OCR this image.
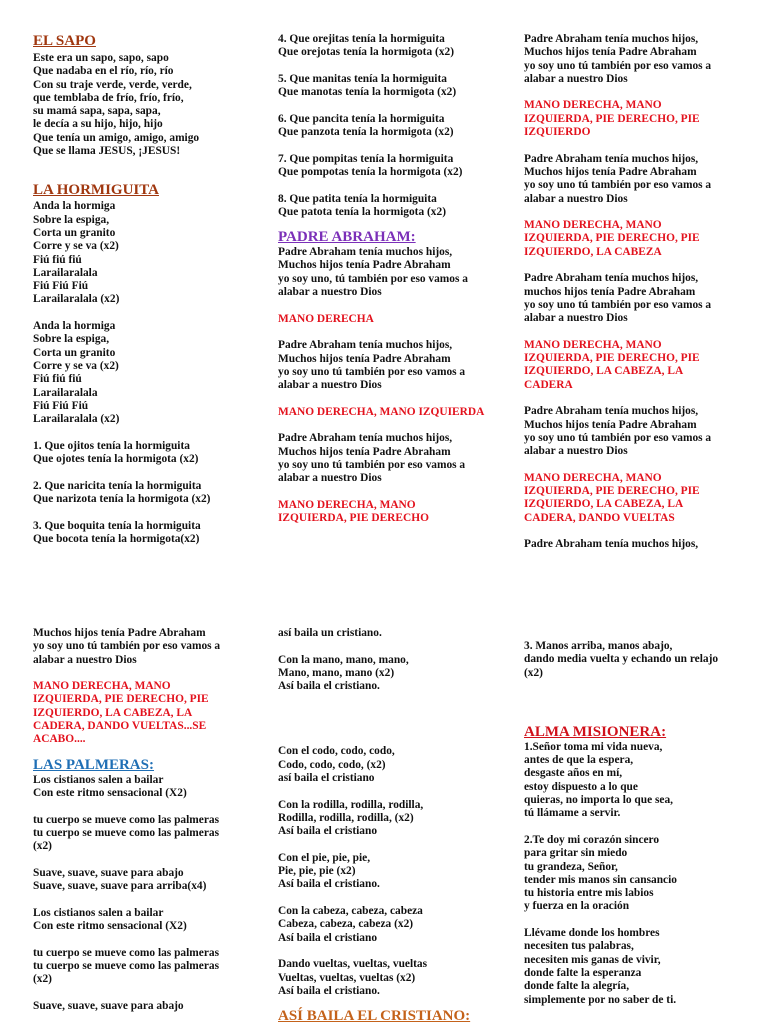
EL SAPO

Este era un sapo, sapo, sapo
Que nadaba en el río, río, río
Con su traje verde, verde, verde,
que temblaba de frío, frío, frío,
su mamá sapa, sapa, sapa,
le decía a su hijo, hijo, hijo
Que tenía un amigo, amigo, amigo
Que se llama JESUS, ¡JESUS!

LA HORMIGUITA

Anda la hormiga
Sobre la espiga,
Corta un granito
Corre y se va (x2)
Fiú fiú fiú
Larailaralala
Fiú Fiú Fiú
Larailaralala (x2)

Anda la hormiga
Sobre la espiga,
Corta un granito
Corre y se va (x2)
Fiú fiú fiú
Larailaralala
Fiú Fiú Fiú
Larailaralala (x2)

1. Que ojitos tenía la hormiguita
Que ojotes tenía la hormigota (x2)

2. Que naricita tenía la hormiguita
Que narizota tenía la hormigota (x2)

3. Que boquita tenía la hormiguita
Que bocota tenía la hormigota(x2)

4. Que orejitas tenía la hormiguita
Que orejotas tenía la hormigota (x2)

5. Que manitas tenía la hormiguita
Que manotas tenía la hormigota (x2)

6. Que pancita tenía la hormiguita
Que panzota tenía la hormigota (x2)

7. Que pompitas tenía la hormiguita
Que pompotas tenía la hormigota (x2)

8. Que patita tenía la hormiguita
Que patota tenía la hormigota (x2)

PADRE ABRAHAM:

Padre Abraham tenía muchos hijos,
Muchos hijos tenía Padre Abraham
yo soy uno, tú también por eso vamos a
alabar a nuestro Dios

MANO DERECHA

Padre Abraham tenía muchos hijos,
Muchos hijos tenía Padre Abraham
yo soy uno tú también por eso vamos a
alabar a nuestro Dios

MANO DERECHA, MANO IZQUIERDA

Padre Abraham tenía muchos hijos,
Muchos hijos tenía Padre Abraham
yo soy uno tú también por eso vamos a
alabar a nuestro Dios

MANO DERECHA, MANO
IZQUIERDA, PIE DERECHO

Padre Abraham tenía muchos hijos,
Muchos hijos tenía Padre Abraham
yo soy uno tú también por eso vamos a
alabar a nuestro Dios

MANO DERECHA, MANO
IZQUIERDA, PIE DERECHO, PIE
IZQUIERDO

Padre Abraham tenía muchos hijos,
Muchos hijos tenía Padre Abraham
yo soy uno tú también por eso vamos a
alabar a nuestro Dios

MANO DERECHA, MANO
IZQUIERDA, PIE DERECHO, PIE
IZQUIERDO, LA CABEZA

Padre Abraham tenía muchos hijos,
muchos hijos tenía Padre Abraham
yo soy uno tú también por eso vamos a
alabar a nuestro Dios

MANO DERECHA, MANO
IZQUIERDA, PIE DERECHO, PIE
IZQUIERDO, LA CABEZA, LA
CADERA

Padre Abraham tenía muchos hijos,
Muchos hijos tenía Padre Abraham
yo soy uno tú también por eso vamos a
alabar a nuestro Dios

MANO DERECHA, MANO
IZQUIERDA, PIE DERECHO, PIE
IZQUIERDO, LA CABEZA, LA
CADERA, DANDO VUELTAS

Padre Abraham tenía muchos hijos,

Muchos hijos tenía Padre Abraham
yo soy uno tú también por eso vamos a
alabar a nuestro Dios

MANO DERECHA, MANO
IZQUIERDA, PIE DERECHO, PIE
IZQUIERDO, LA CABEZA, LA
CADERA, DANDO VUELTAS...SE
ACABO....

LAS PALMERAS:

Los cistianos salen a bailar
Con este ritmo sensacional (X2)

tu cuerpo se mueve como las palmeras
tu cuerpo se mueve como las palmeras
(x2)

Suave, suave, suave para abajo
Suave, suave, suave para arriba(x4)

Los cistianos salen a bailar
Con este ritmo sensacional (X2)

tu cuerpo se mueve como las palmeras
tu cuerpo se mueve como las palmeras
(x2)

Suave, suave, suave para abajo

así baila un cristiano.

Con la mano, mano, mano,
Mano, mano, mano (x2)
Así baila el cristiano.

Con el codo, codo, codo,
Codo, codo, codo, (x2)
así baila el cristiano

Con la rodilla, rodilla, rodilla,
Rodilla, rodilla, rodilla, (x2)
Así baila el cristiano

Con el pie, pie, pie,
Pie, pie, pie (x2)
Así baila el cristiano.

Con la cabeza, cabeza, cabeza
Cabeza, cabeza, cabeza (x2)
Así baila el cristiano

Dando vueltas, vueltas, vueltas
Vueltas, vueltas, vueltas (x2)
Así baila el cristiano.

ASÍ BAILA EL CRISTIANO:

3. Manos arriba, manos abajo,
dando media vuelta y echando un relajo
(x2)

ALMA MISIONERA:

1.Señor toma mi vida nueva,
antes de que la espera,
desgaste años en mí,
estoy dispuesto a lo que
quieras, no importa lo que sea,
tú llámame a servir.

2.Te doy mi corazón sincero
para gritar sin miedo
tu grandeza, Señor,
tender mis manos sin cansancio
tu historia entre mis labios
y fuerza en la oración

Llévame donde los hombres
necesiten tus palabras,
necesiten mis ganas de vivir,
donde falte la esperanza
donde falte la alegría,
simplemente por no saber de ti.
